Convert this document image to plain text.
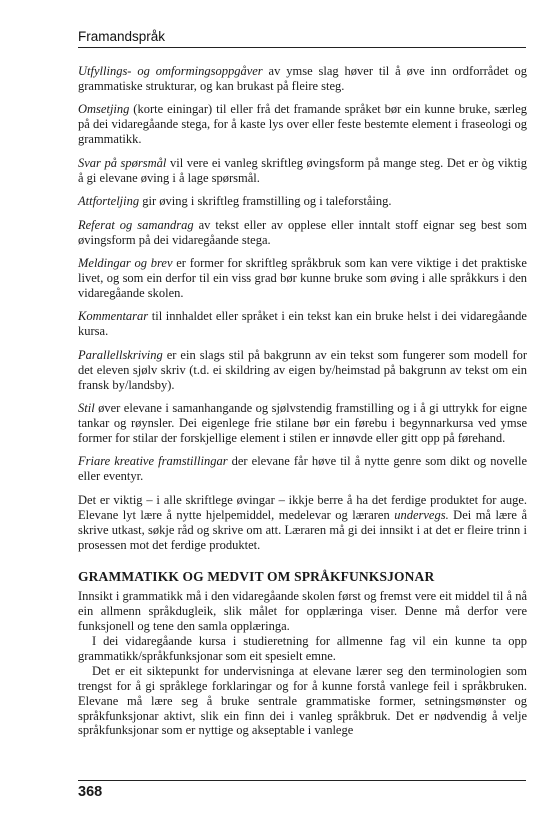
Framandspråk

Utfyllings- og omformingsoppgåver av ymse slag høver til å øve inn ordforrådet og grammatiske strukturar, og kan brukast på fleire steg.

Omsetjing (korte einingar) til eller frå det framande språket bør ein kunne bruke, særleg på dei vidaregåande stega, for å kaste lys over eller feste bestemte element i fraseologi og grammatikk.

Svar på spørsmål vil vere ei vanleg skriftleg øvingsform på mange steg. Det er òg viktig å gi elevane øving i å lage spørsmål.

Attforteljing gir øving i skriftleg framstilling og i taleforståing.

Referat og samandrag av tekst eller av opplese eller inntalt stoff eignar seg best som øvingsform på dei vidaregåande stega.

Meldingar og brev er former for skriftleg språkbruk som kan vere viktige i det praktiske livet, og som ein derfor til ein viss grad bør kunne bruke som øving i alle språkkurs i den vidaregåande skolen.

Kommentarar til innhaldet eller språket i ein tekst kan ein bruke helst i dei vidaregåande kursa.

Parallellskriving er ein slags stil på bakgrunn av ein tekst som fungerer som modell for det eleven sjølv skriv (t.d. ei skildring av eigen by/heimstad på bakgrunn av tekst om ein fransk by/landsby).

Stil øver elevane i samanhangande og sjølvstendig framstilling og i å gi uttrykk for eigne tankar og røynsler. Dei eigenlege frie stilane bør ein førebu i begynnarkursa ved ymse former for stilar der forskjellige element i stilen er innøvde eller gitt opp på førehand.

Friare kreative framstillingar der elevane får høve til å nytte genre som dikt og novelle eller eventyr.

Det er viktig – i alle skriftlege øvingar – ikkje berre å ha det ferdige produktet for auge. Elevane lyt lære å nytte hjelpemiddel, medelevar og læraren undervegs. Dei må lære å skrive utkast, søkje råd og skrive om att. Læraren må gi dei innsikt i at det er fleire trinn i prosessen mot det ferdige produktet.

GRAMMATIKK OG MEDVIT OM SPRÅKFUNKSJONAR

Innsikt i grammatikk må i den vidaregåande skolen først og fremst vere eit middel til å nå ein allmenn språkdugleik, slik målet for opplæringa viser. Denne må derfor vere funksjonell og tene den samla opplæringa.

I dei vidaregåande kursa i studieretning for allmenne fag vil ein kunne ta opp grammatikk/språkfunksjonar som eit spesielt emne.

Det er eit siktepunkt for undervisninga at elevane lærer seg den terminologien som trengst for å gi språklege forklaringar og for å kunne forstå vanlege feil i språkbruken. Elevane må lære seg å bruke sentrale grammatiske former, setningsmønster og språkfunksjonar aktivt, slik ein finn dei i vanleg språkbruk. Det er nødvendig å velje språkfunksjonar som er nyttige og akseptable i vanlege

368
